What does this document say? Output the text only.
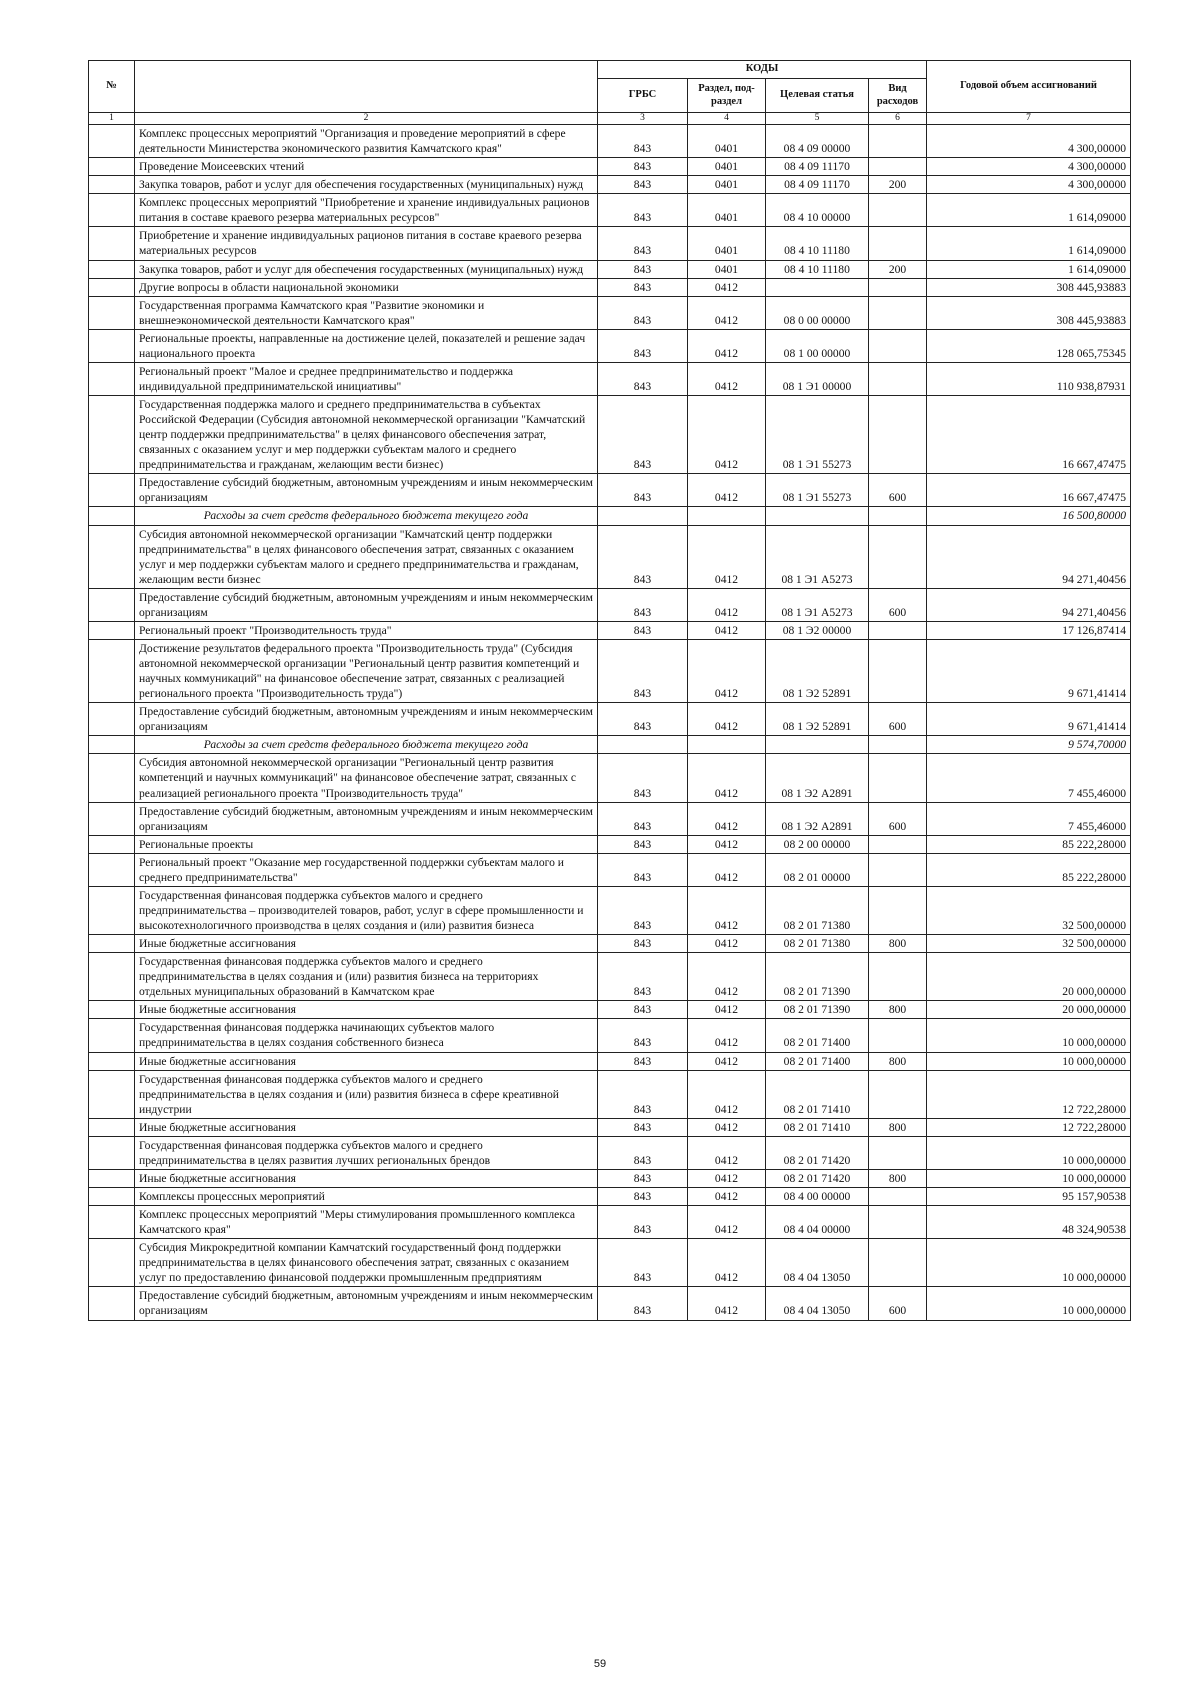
№		КОДЫ				Годовой объем ассигнований
		ГРБС	Раздел, под-раздел	Целевая статья	Вид расходов	
1	2	3	4	5	6	7
	Комплекс процессных мероприятий "Организация и проведение мероприятий в сфере деятельности Министерства экономического развития Камчатского края"	843	0401	08 4 09 00000		4 300,00000
	Проведение Моисеевских чтений	843	0401	08 4 09 11170		4 300,00000
	Закупка товаров, работ и услуг для обеспечения государственных (муниципальных) нужд	843	0401	08 4 09 11170	200	4 300,00000
	Комплекс процессных мероприятий "Приобретение и хранение индивидуальных рационов питания в составе краевого резерва материальных ресурсов"	843	0401	08 4 10 00000		1 614,09000
	Приобретение и хранение индивидуальных рационов питания в составе краевого резерва материальных ресурсов	843	0401	08 4 10 11180		1 614,09000
	Закупка товаров, работ и услуг для обеспечения государственных (муниципальных) нужд	843	0401	08 4 10 11180	200	1 614,09000
	Другие вопросы в области национальной экономики	843	0412			308 445,93883
	Государственная программа Камчатского края "Развитие экономики и внешнеэкономической деятельности Камчатского края"	843	0412	08 0 00 00000		308 445,93883
	Региональные проекты, направленные на достижение целей, показателей и решение задач национального проекта	843	0412	08 1 00 00000		128 065,75345
	Региональный проект "Малое и среднее предпринимательство и поддержка индивидуальной предпринимательской инициативы"	843	0412	08 1 Э1 00000		110 938,87931
	Государственная поддержка малого и среднего предпринимательства в субъектах Российской Федерации (Субсидия автономной некоммерческой организации "Камчатский центр поддержки предпринимательства" в целях финансового обеспечения затрат, связанных с оказанием услуг и мер поддержки субъектам малого и среднего предпринимательства и гражданам, желающим вести бизнес)	843	0412	08 1 Э1 55273		16 667,47475
	Предоставление субсидий бюджетным, автономным учреждениям и иным некоммерческим организациям	843	0412	08 1 Э1 55273	600	16 667,47475
	Расходы за счет средств федерального бюджета текущего года					16 500,80000
	Субсидия автономной некоммерческой организации "Камчатский центр поддержки предпринимательства" в целях финансового обеспечения затрат, связанных с оказанием услуг и мер поддержки субъектам малого и среднего предпринимательства и гражданам, желающим вести бизнес	843	0412	08 1 Э1 А5273		94 271,40456
	Предоставление субсидий бюджетным, автономным учреждениям и иным некоммерческим организациям	843	0412	08 1 Э1 А5273	600	94 271,40456
	Региональный проект "Производительность труда"	843	0412	08 1 Э2 00000		17 126,87414
	Достижение результатов федерального проекта "Производительность труда" (Субсидия автономной некоммерческой организации "Региональный центр развития компетенций и научных коммуникаций" на финансовое обеспечение затрат, связанных с реализацией регионального проекта "Производительность труда")	843	0412	08 1 Э2 52891		9 671,41414
	Предоставление субсидий бюджетным, автономным учреждениям и иным некоммерческим организациям	843	0412	08 1 Э2 52891	600	9 671,41414
	Расходы за счет средств федерального бюджета текущего года					9 574,70000
	Субсидия автономной некоммерческой организации "Региональный центр развития компетенций и научных коммуникаций" на финансовое обеспечение затрат, связанных с реализацией регионального проекта "Производительность труда"	843	0412	08 1 Э2 А2891		7 455,46000
	Предоставление субсидий бюджетным, автономным учреждениям и иным некоммерческим организациям	843	0412	08 1 Э2 А2891	600	7 455,46000
	Региональные проекты	843	0412	08 2 00 00000		85 222,28000
	Региональный проект "Оказание мер государственной поддержки субъектам малого и среднего предпринимательства"	843	0412	08 2 01 00000		85 222,28000
	Государственная финансовая поддержка субъектов малого и среднего предпринимательства – производителей товаров, работ, услуг в сфере промышленности и высокотехнологичного производства в целях создания и (или) развития бизнеса	843	0412	08 2 01 71380		32 500,00000
	Иные бюджетные ассигнования	843	0412	08 2 01 71380	800	32 500,00000
	Государственная финансовая поддержка субъектов малого и среднего предпринимательства в целях создания и (или) развития бизнеса на территориях отдельных муниципальных образований в Камчатском крае	843	0412	08 2 01 71390		20 000,00000
	Иные бюджетные ассигнования	843	0412	08 2 01 71390	800	20 000,00000
	Государственная финансовая поддержка начинающих субъектов малого предпринимательства в целях создания собственного бизнеса	843	0412	08 2 01 71400		10 000,00000
	Иные бюджетные ассигнования	843	0412	08 2 01 71400	800	10 000,00000
	Государственная финансовая поддержка субъектов малого и среднего предпринимательства в целях создания и (или) развития бизнеса в сфере креативной индустрии	843	0412	08 2 01 71410		12 722,28000
	Иные бюджетные ассигнования	843	0412	08 2 01 71410	800	12 722,28000
	Государственная финансовая поддержка субъектов малого и среднего предпринимательства в целях развития лучших региональных брендов	843	0412	08 2 01 71420		10 000,00000
	Иные бюджетные ассигнования	843	0412	08 2 01 71420	800	10 000,00000
	Комплексы процессных мероприятий	843	0412	08 4 00 00000		95 157,90538
	Комплекс процессных мероприятий "Меры стимулирования промышленного комплекса Камчатского края"	843	0412	08 4 04 00000		48 324,90538
	Субсидия Микрокредитной компании Камчатский государственный фонд поддержки предпринимательства в целях финансового обеспечения затрат, связанных с оказанием услуг по предоставлению финансовой поддержки промышленным предприятиям	843	0412	08 4 04 13050		10 000,00000
	Предоставление субсидий бюджетным, автономным учреждениям и иным некоммерческим организациям	843	0412	08 4 04 13050	600	10 000,00000
59
